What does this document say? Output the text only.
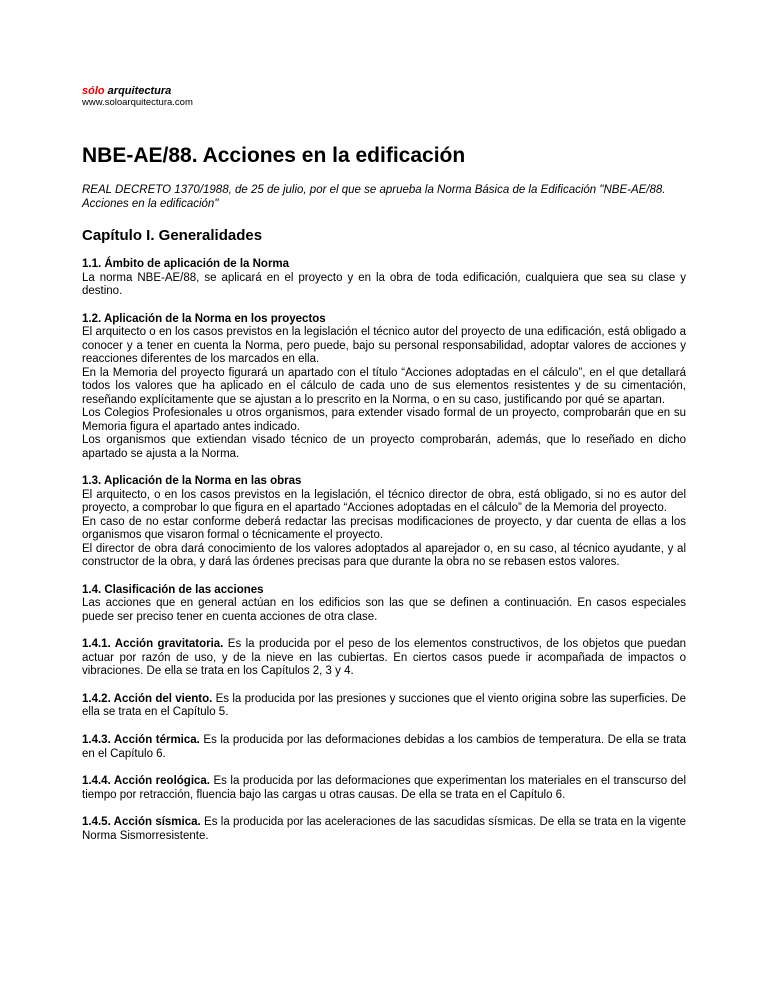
sólo arquitectura
www.soloarquitectura.com
NBE-AE/88. Acciones en la edificación
REAL DECRETO 1370/1988, de 25 de julio, por el que se aprueba la Norma Básica de la Edificación "NBE-AE/88. Acciones en la edificación"
Capítulo I. Generalidades
1.1. Ámbito de aplicación de la Norma

La norma NBE-AE/88, se aplicará en el proyecto y en la obra de toda edificación, cualquiera que sea su clase y destino.

1.2. Aplicación de la Norma en los proyectos

El arquitecto o en los casos previstos en la legislación el técnico autor del proyecto de una edificación, está obligado a conocer y a tener en cuenta la Norma, pero puede, bajo su personal responsabilidad, adoptar valores de acciones y reacciones diferentes de los marcados en ella.

En la Memoria del proyecto figurará un apartado con el título “Acciones adoptadas en el cálculo”, en el que detallará todos los valores que ha aplicado en el cálculo de cada uno de sus elementos resistentes y de su cimentación, reseñando explícitamente que se ajustan a lo prescrito en la Norma, o en su caso, justificando por qué se apartan.

Los Colegios Profesionales u otros organismos, para extender visado formal de un proyecto, comprobarán que en su Memoria figura el apartado antes indicado.

Los organismos que extiendan visado técnico de un proyecto comprobarán, además, que lo reseñado en dicho apartado se ajusta a la Norma.

1.3. Aplicación de la Norma en las obras

El arquitecto, o en los casos previstos en la legislación, el técnico director de obra, está obligado, si no es autor del proyecto, a comprobar lo que figura en el apartado “Acciones adoptadas en el cálculo” de la Memoria del proyecto.

En caso de no estar conforme deberá redactar las precisas modificaciones de proyecto, y dar cuenta de ellas a los organismos que visaron formal o técnicamente el proyecto.

El director de obra dará conocimiento de los valores adoptados al aparejador o, en su caso, al técnico ayudante, y al constructor de la obra, y dará las órdenes precisas para que durante la obra no se rebasen estos valores.

1.4. Clasificación de las acciones

Las acciones que en general actúan en los edificios son las que se definen a continuación. En casos especiales puede ser preciso tener en cuenta acciones de otra clase.

1.4.1. Acción gravitatoria. Es la producida por el peso de los elementos constructivos, de los objetos que puedan actuar por razón de uso, y de la nieve en las cubiertas. En ciertos casos puede ir acompañada de impactos o vibraciones. De ella se trata en los Capítulos 2, 3 y 4.
1.4.2. Acción del viento. Es la producida por las presiones y succiones que el viento origina sobre las superficies. De ella se trata en el Capítulo 5.
1.4.3. Acción térmica. Es la producida por las deformaciones debidas a los cambios de temperatura. De ella se trata en el Capítulo 6.
1.4.4. Acción reológica. Es la producida por las deformaciones que experimentan los materiales en el transcurso del tiempo por retracción, fluencia bajo las cargas u otras causas. De ella se trata en el Capítulo 6.
1.4.5. Acción sísmica. Es la producida por las aceleraciones de las sacudidas sísmicas. De ella se trata en la vigente Norma Sismorresistente.
